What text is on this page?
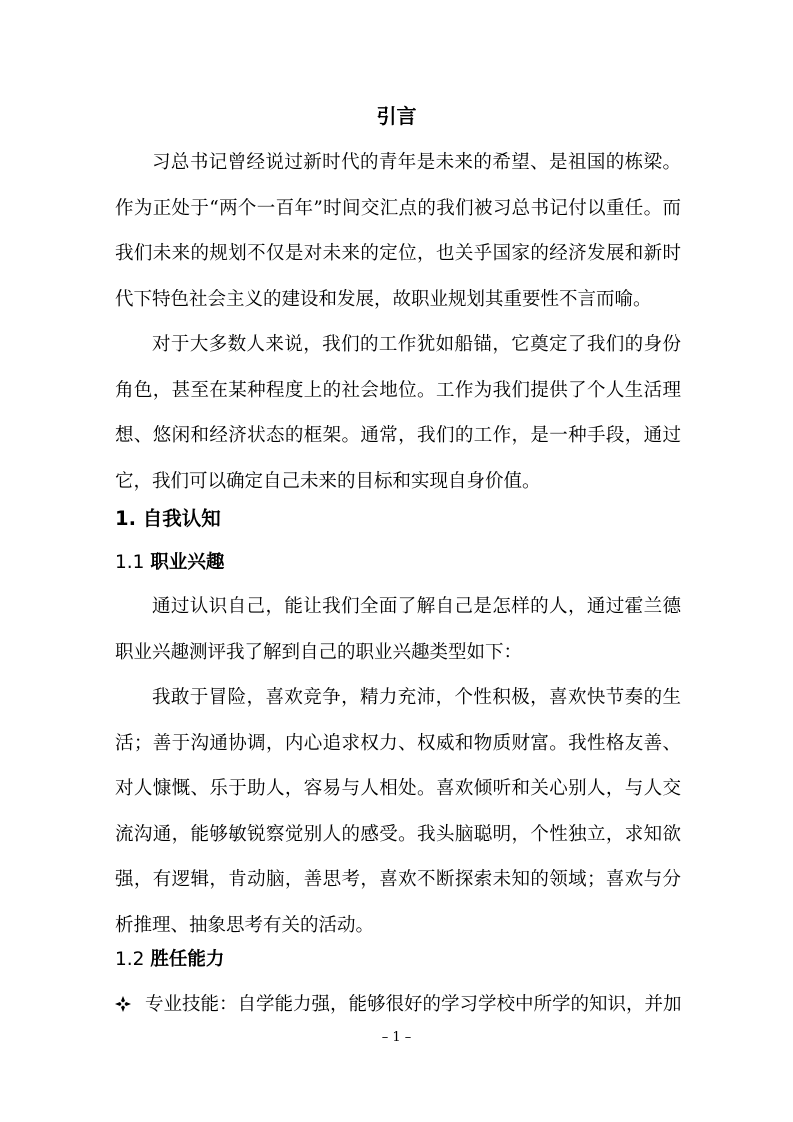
引言

习总书记曾经说过新时代的青年是未来的希望、是祖国的栋梁。作为正处于“两个一百年”时间交汇点的我们被习总书记付以重任。而我们未来的规划不仅是对未来的定位，也关乎国家的经济发展和新时代下特色社会主义的建设和发展，故职业规划其重要性不言而喻。

对于大多数人来说，我们的工作犹如船锚，它奠定了我们的身份角色，甚至在某种程度上的社会地位。工作为我们提供了个人生活理想、悠闲和经济状态的框架。通常，我们的工作，是一种手段，通过它，我们可以确定自己未来的目标和实现自身价值。

1. 自我认知
1.1 职业兴趣

通过认识自己，能让我们全面了解自己是怎样的人，通过霍兰德职业兴趣测评我了解到自己的职业兴趣类型如下：

我敢于冒险，喜欢竞争，精力充沛，个性积极，喜欢快节奏的生活；善于沟通协调，内心追求权力、权威和物质财富。我性格友善、对人慷慨、乐于助人，容易与人相处。喜欢倾听和关心别人，与人交流沟通，能够敏锐察觉别人的感受。我头脑聪明，个性独立，求知欲强，有逻辑，肯动脑，善思考，喜欢不断探索未知的领域；喜欢与分析推理、抽象思考有关的活动。

1.2 胜任能力
专业技能：自学能力强，能够很好的学习学校中所学的知识，并加
– 1 –
